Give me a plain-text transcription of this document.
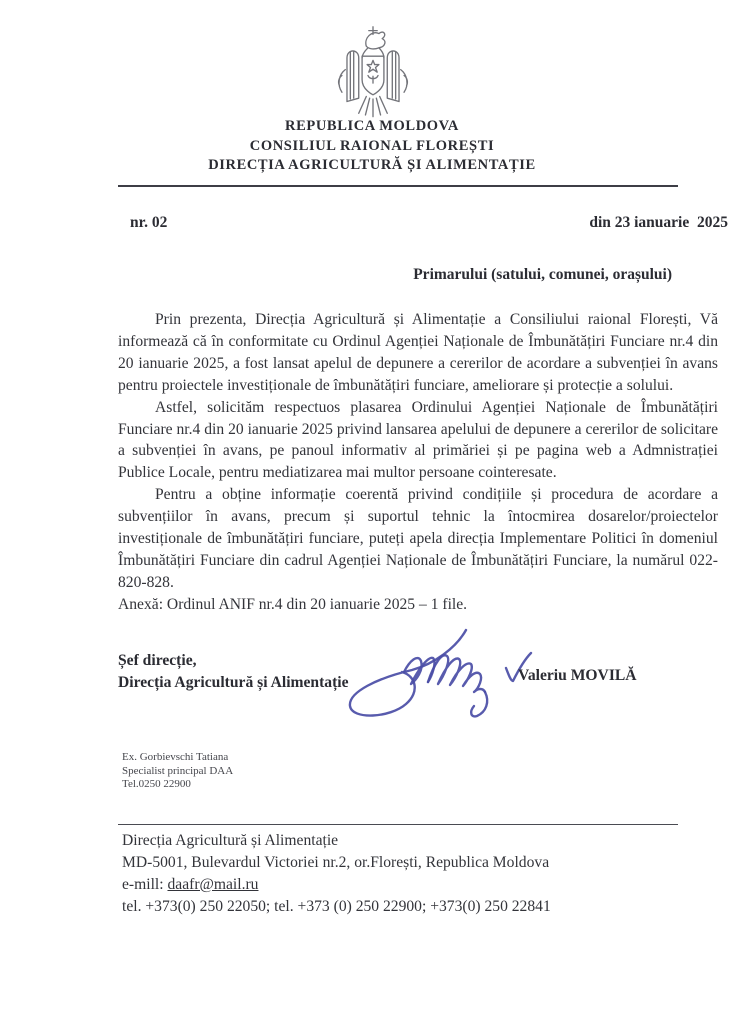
REPUBLICA MOLDOVA
CONSILIUL RAIONAL FLOREȘTI
DIRECȚIA AGRICULTURĂ ȘI ALIMENTAȚIE
nr. 02	din 23 ianuarie  2025
Primarului (satului, comunei, orașului)

Prin prezenta, Direcția Agricultură și Alimentație a Consiliului raional Florești, Vă informează că în conformitate cu Ordinul Agenției Naționale de Îmbunătățiri Funciare nr.4 din 20 ianuarie 2025, a fost lansat apelul de depunere a cererilor de acordare a subvenției în avans pentru proiectele investiționale de îmbunătățiri funciare, ameliorare și protecție a solului.

Astfel, solicităm respectuos plasarea Ordinului Agenției Naționale de Îmbunătățiri Funciare nr.4 din 20 ianuarie 2025 privind lansarea apelului de depunere a cererilor de solicitare a subvenției în avans, pe panoul informativ al primăriei și pe pagina web a Admnistrației Publice Locale, pentru mediatizarea mai multor persoane cointeresate.

Pentru a obține informație coerentă privind condițiile și procedura de acordare a subvențiilor în avans, precum și suportul tehnic la întocmirea dosarelor/proiectelor investiționale de îmbunătățiri funciare, puteți apela direcția Implementare Politici în domeniul Îmbunătățiri Funciare din cadrul Agenției Naționale de Îmbunătățiri Funciare, la numărul 022-820-828.

Anexă: Ordinul ANIF nr.4 din 20 ianuarie 2025 – 1 file.
Șef direcție,
Direcția Agricultură și Alimentație	Valeriu MOVILĂ
Ex. Gorbievschi Tatiana
Specialist principal DAA
Tel.0250 22900
Direcția Agricultură și Alimentație
MD-5001, Bulevardul Victoriei nr.2, or.Florești, Republica Moldova
e-mill: daafr@mail.ru
tel. +373(0) 250 22050; tel. +373 (0) 250 22900; +373(0) 250 22841
